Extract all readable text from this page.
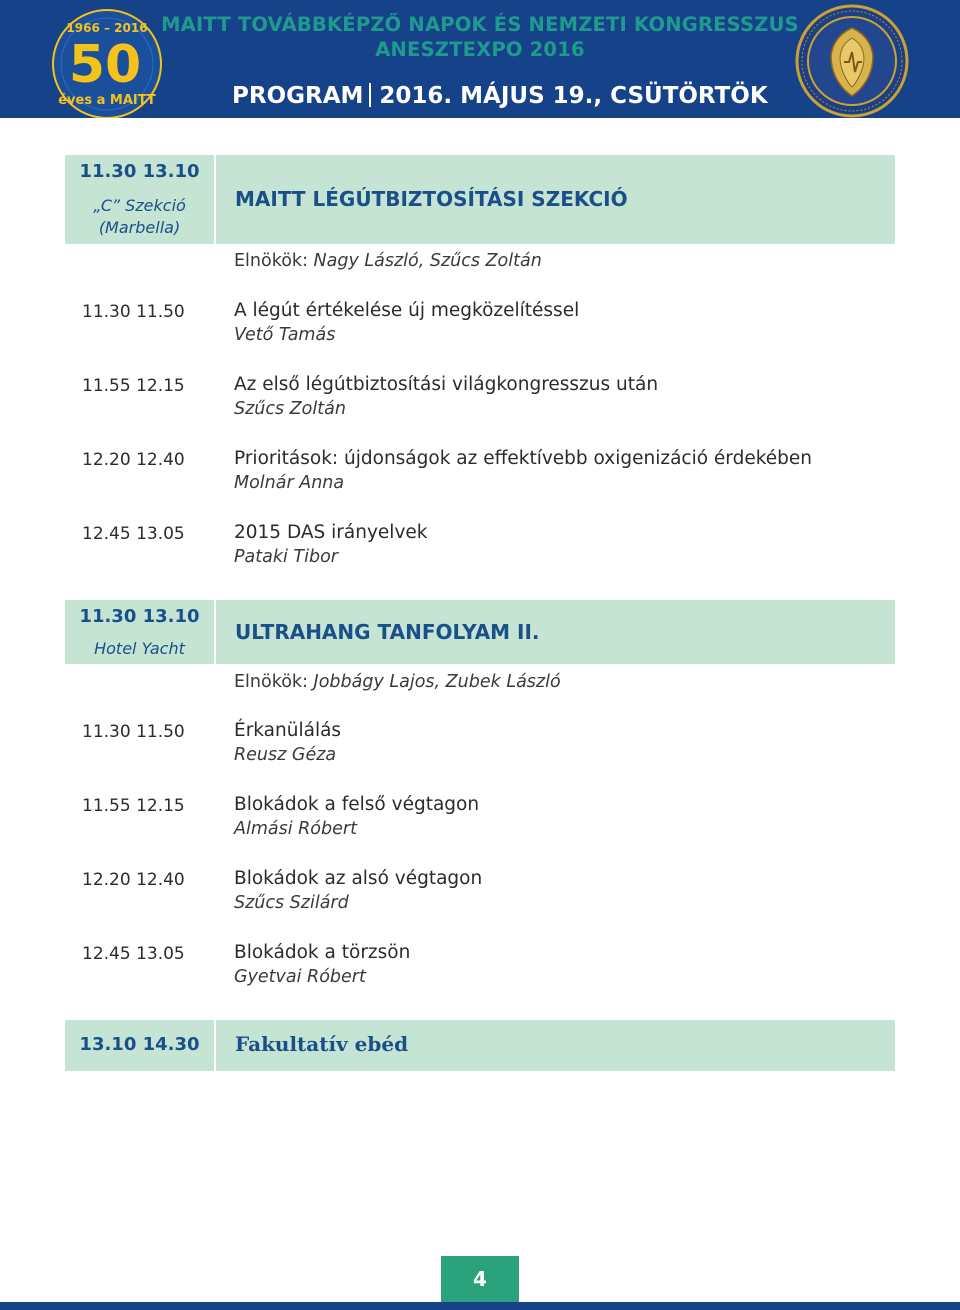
1966 – 2016
50
éves a MAITT
MAITT TOVÁBBKÉPZŐ NAPOK ÉS NEMZETI KONGRESSZUS
ANESZTEXPO 2016
PROGRAM 2016. MÁJUS 19., CSÜTÖRTÖK
11.30 13.10
„C” Szekció
(Marbella)
MAITT LÉGÚTBIZTOSÍTÁSI SZEKCIÓ
Elnökök: Nagy László, Szűcs Zoltán
11.30 11.50	A légút értékelése új megközelítéssel
Vető Tamás
11.55 12.15	Az első légútbiztosítási világkongresszus után
Szűcs Zoltán
12.20 12.40	Prioritások: újdonságok az effektívebb oxigenizáció érdekében
Molnár Anna
12.45 13.05	2015 DAS irányelvek
Pataki Tibor
11.30 13.10
Hotel Yacht
ULTRAHANG TANFOLYAM II.
Elnökök: Jobbágy Lajos, Zubek László
11.30 11.50	Érkanülálás
Reusz Géza
11.55 12.15	Blokádok a felső végtagon
Almási Róbert
12.20 12.40	Blokádok az alsó végtagon
Szűcs Szilárd
12.45 13.05	Blokádok a törzsön
Gyetvai Róbert
13.10 14.30	Fakultatív ebéd
4
